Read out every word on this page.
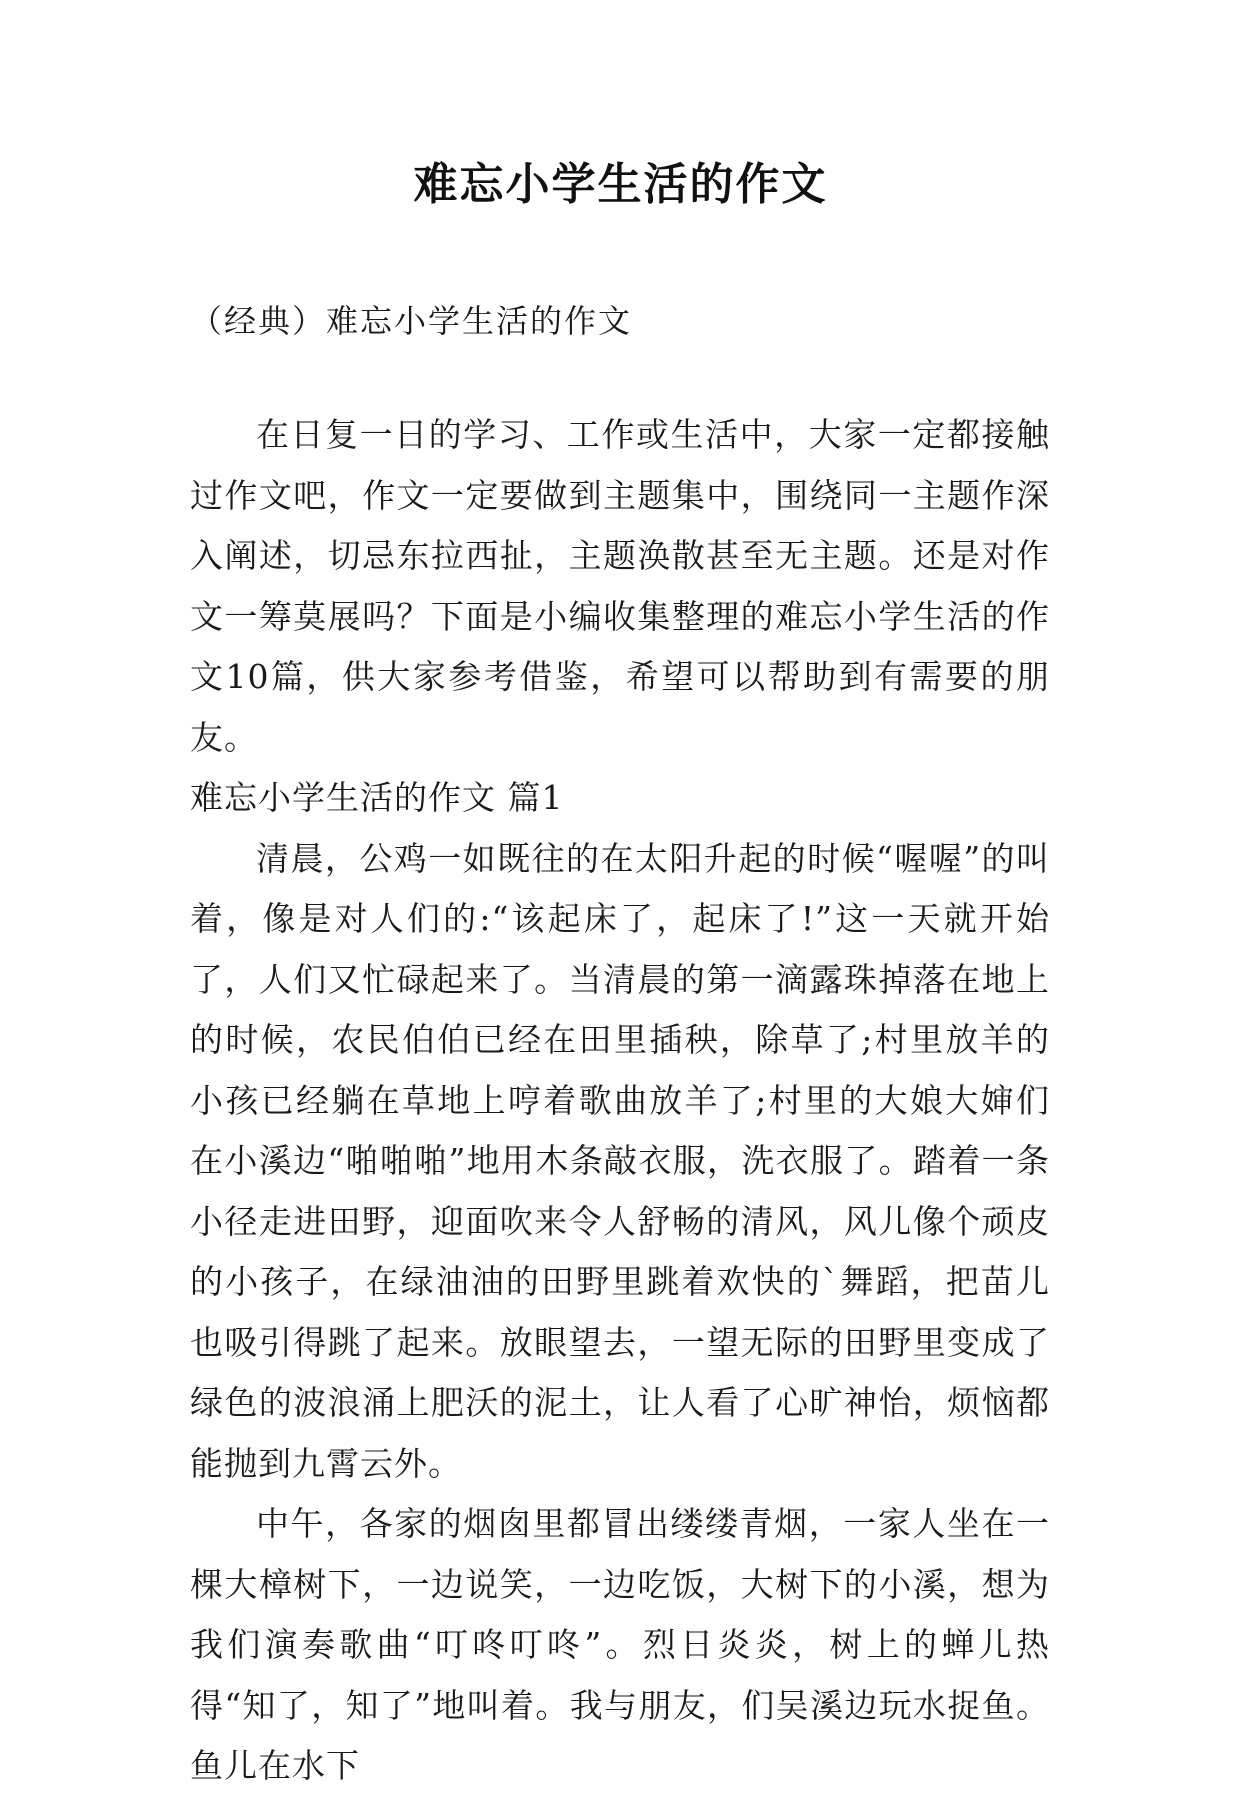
难忘小学生活的作文
（经典）难忘小学生活的作文

在日复一日的学习、工作或生活中，大家一定都接触过作文吧，作文一定要做到主题集中，围绕同一主题作深入阐述，切忌东拉西扯，主题涣散甚至无主题。还是对作文一筹莫展吗？下面是小编收集整理的难忘小学生活的作文10篇，供大家参考借鉴，希望可以帮助到有需要的朋友。

难忘小学生活的作文 篇1

清晨，公鸡一如既往的在太阳升起的时候“喔喔”的叫着，像是对人们的:“该起床了，起床了!”这一天就开始了，人们又忙碌起来了。当清晨的第一滴露珠掉落在地上的时候，农民伯伯已经在田里插秧，除草了;村里放羊的小孩已经躺在草地上哼着歌曲放羊了;村里的大娘大婶们在小溪边“啪啪啪”地用木条敲衣服，洗衣服了。踏着一条小径走进田野，迎面吹来令人舒畅的清风，风儿像个顽皮的小孩子，在绿油油的田野里跳着欢快的`舞蹈，把苗儿也吸引得跳了起来。放眼望去，一望无际的田野里变成了绿色的波浪涌上肥沃的泥土，让人看了心旷神怡，烦恼都能抛到九霄云外。

中午，各家的烟囱里都冒出缕缕青烟，一家人坐在一棵大樟树下，一边说笑，一边吃饭，大树下的小溪，想为我们演奏歌曲“叮咚叮咚”。烈日炎炎，树上的蝉儿热得“知了，知了”地叫着。我与朋友，们吴溪边玩水捉鱼。鱼儿在水下
